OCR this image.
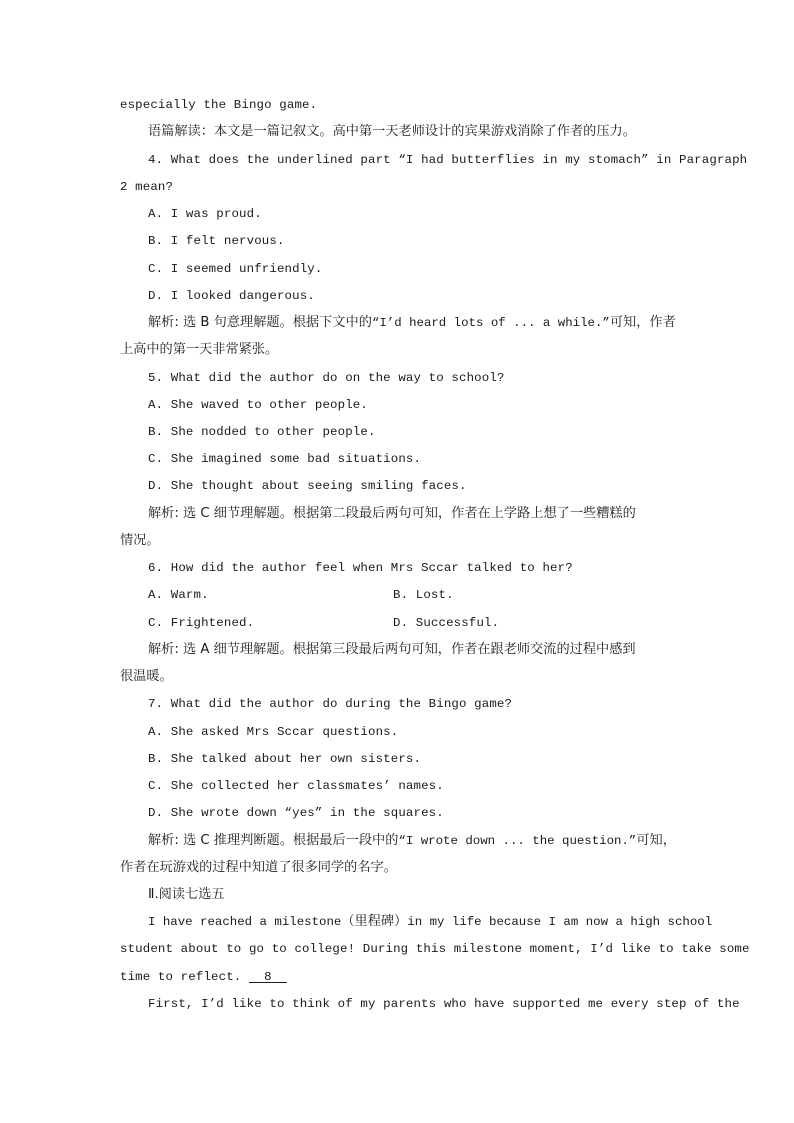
especially the Bingo game.
语篇解读：本文是一篇记叙文。高中第一天老师设计的宾果游戏消除了作者的压力。
4. What does the underlined part “I had butterflies in my stomach” in Paragraph
2 mean?
A. I was proud.
B. I felt nervous.
C. I seemed unfriendly.
D. I looked dangerous.
解析: 选 B 句意理解题。根据下文中的“I’d heard lots of ... a while.”可知，作者
上高中的第一天非常紧张。
5. What did the author do on the way to school?
A. She waved to other people.
B. She nodded to other people.
C. She imagined some bad situations.
D. She thought about seeing smiling faces.
解析: 选 C 细节理解题。根据第二段最后两句可知，作者在上学路上想了一些糟糕的
情况。
6. How did the author feel when Mrs Sccar talked to her?
A. Warm.	B. Lost.
C. Frightened.	D. Successful.
解析: 选 A 细节理解题。根据第三段最后两句可知，作者在跟老师交流的过程中感到
很温暖。
7. What did the author do during the Bingo game?
A. She asked Mrs Sccar questions.
B. She talked about her own sisters.
C. She collected her classmates’ names.
D. She wrote down “yes” in the squares.
解析: 选 C 推理判断题。根据最后一段中的“I wrote down ... the question.”可知，
作者在玩游戏的过程中知道了很多同学的名字。
Ⅱ.阅读七选五
I have reached a milestone（里程碑）in my life because I am now a high school
student about to go to college! During this milestone moment, I’d like to take some
time to reflect. 8
First, I’d like to think of my parents who have supported me every step of the
